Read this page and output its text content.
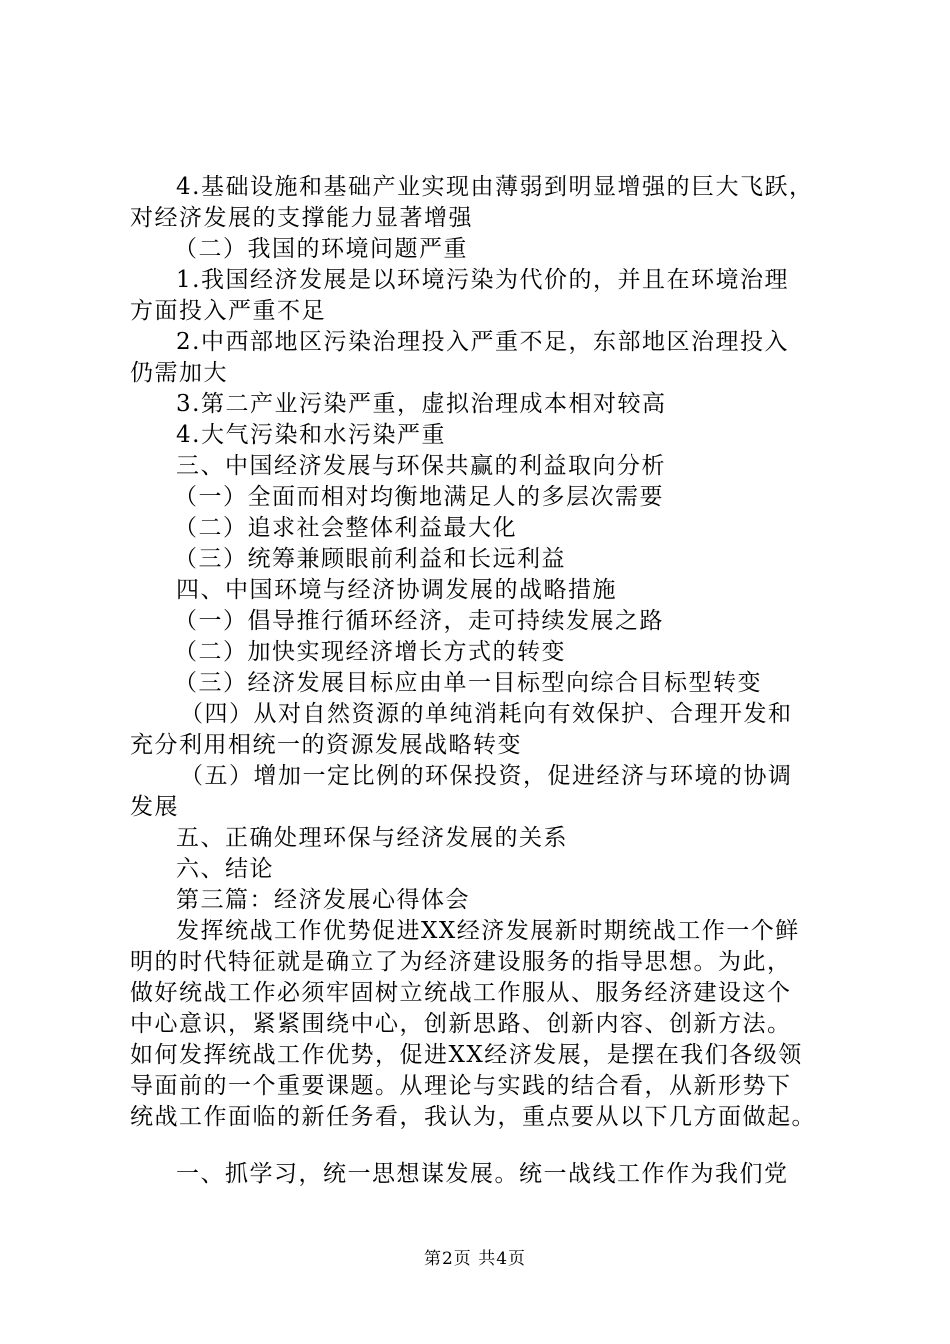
4.基础设施和基础产业实现由薄弱到明显增强的巨大飞跃，

对经济发展的支撑能力显著增强

（二）我国的环境问题严重

1.我国经济发展是以环境污染为代价的，并且在环境治理

方面投入严重不足

2.中西部地区污染治理投入严重不足，东部地区治理投入

仍需加大

3.第二产业污染严重，虚拟治理成本相对较高

4.大气污染和水污染严重

三、中国经济发展与环保共赢的利益取向分析

（一）全面而相对均衡地满足人的多层次需要

（二）追求社会整体利益最大化

（三）统筹兼顾眼前利益和长远利益

四、中国环境与经济协调发展的战略措施

（一）倡导推行循环经济，走可持续发展之路

（二）加快实现经济增长方式的转变

（三）经济发展目标应由单一目标型向综合目标型转变

（四）从对自然资源的单纯消耗向有效保护、合理开发和

充分利用相统一的资源发展战略转变

（五）增加一定比例的环保投资，促进经济与环境的协调

发展

五、正确处理环保与经济发展的关系

六、结论

第三篇：经济发展心得体会

发挥统战工作优势促进XX经济发展新时期统战工作一个鲜

明的时代特征就是确立了为经济建设服务的指导思想。为此，

做好统战工作必须牢固树立统战工作服从、服务经济建设这个

中心意识，紧紧围绕中心，创新思路、创新内容、创新方法。

如何发挥统战工作优势，促进XX经济发展，是摆在我们各级领

导面前的一个重要课题。从理论与实践的结合看，从新形势下

统战工作面临的新任务看，我认为，重点要从以下几方面做起。

一、抓学习，统一思想谋发展。统一战线工作作为我们党

第2页 共4页
